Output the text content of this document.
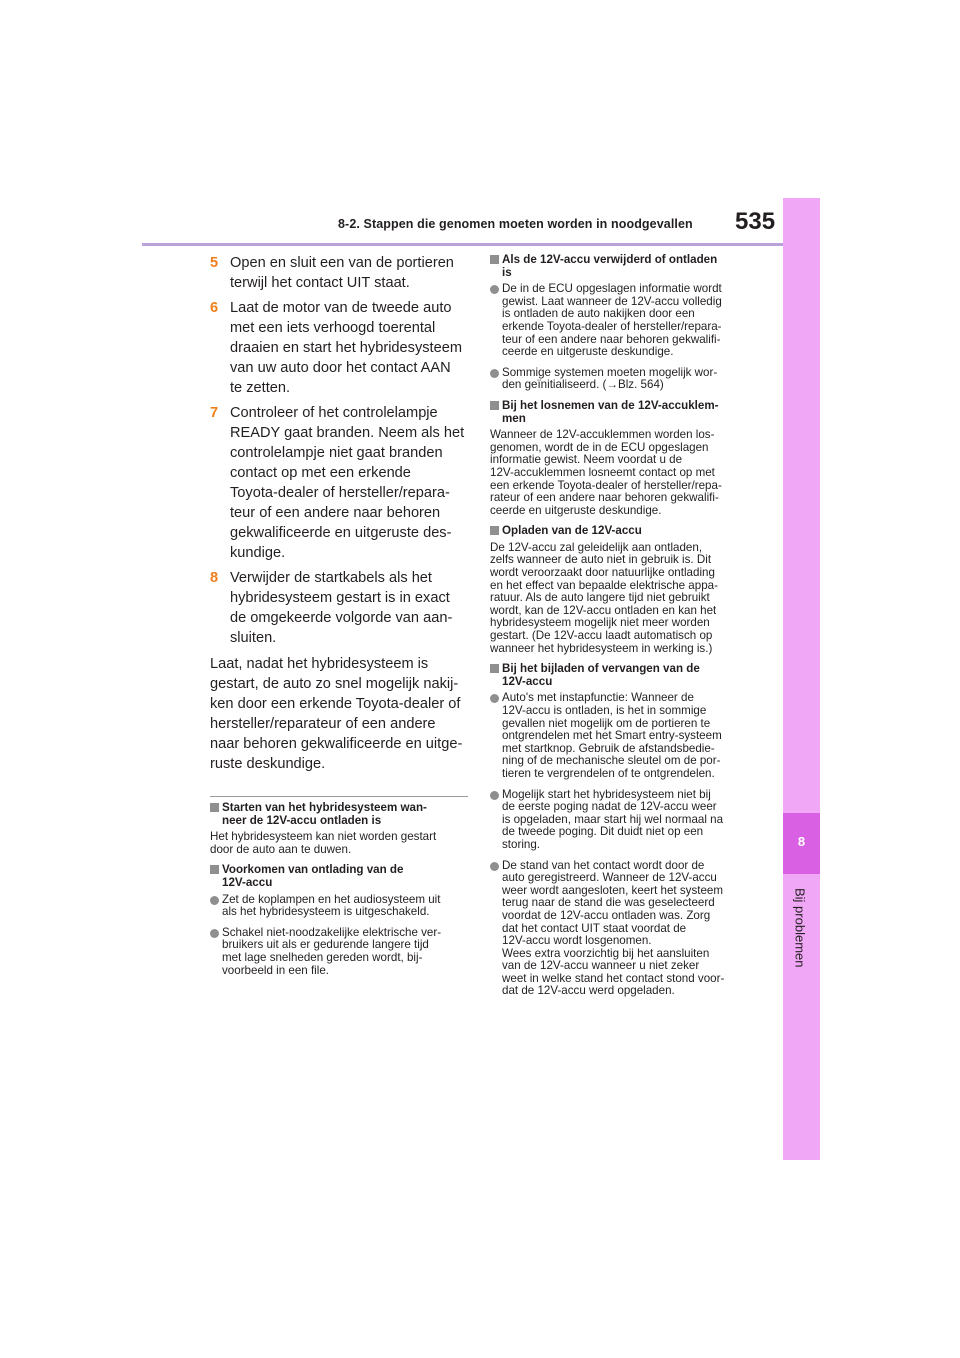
8-2. Stappen die genomen moeten worden in noodgevallen 535
8
Bij problemen
5 Open en sluit een van de portieren
terwijl het contact UIT staat.
6 Laat de motor van de tweede auto
met een iets verhoogd toerental
draaien en start het hybridesysteem
van uw auto door het contact AAN
te zetten.
7 Controleer of het controlelampje
READY gaat branden. Neem als het
controlelampje niet gaat branden
contact op met een erkende
Toyota-dealer of hersteller/repara-
teur of een andere naar behoren
gekwalificeerde en uitgeruste des-
kundige.
8 Verwijder de startkabels als het
hybridesysteem gestart is in exact
de omgekeerde volgorde van aan-
sluiten.
Laat, nadat het hybridesysteem is
gestart, de auto zo snel mogelijk nakij-
ken door een erkende Toyota-dealer of
hersteller/reparateur of een andere
naar behoren gekwalificeerde en uitge-
ruste deskundige.
Starten van het hybridesysteem wan-
neer de 12V-accu ontladen is
Het hybridesysteem kan niet worden gestart
door de auto aan te duwen.
Voorkomen van ontlading van de
12V-accu
Zet de koplampen en het audiosysteem uit
als het hybridesysteem is uitgeschakeld.
Schakel niet-noodzakelijke elektrische ver-
bruikers uit als er gedurende langere tijd
met lage snelheden gereden wordt, bij-
voorbeeld in een file.
Als de 12V-accu verwijderd of ontladen
is
De in de ECU opgeslagen informatie wordt
gewist. Laat wanneer de 12V-accu volledig
is ontladen de auto nakijken door een
erkende Toyota-dealer of hersteller/repara-
teur of een andere naar behoren gekwalifi-
ceerde en uitgeruste deskundige.
Sommige systemen moeten mogelijk wor-
den geïnitialiseerd. (→Blz. 564)
Bij het losnemen van de 12V-accuklem-
men
Wanneer de 12V-accuklemmen worden los-
genomen, wordt de in de ECU opgeslagen
informatie gewist. Neem voordat u de
12V-accuklemmen losneemt contact op met
een erkende Toyota-dealer of hersteller/repa-
rateur of een andere naar behoren gekwalifi-
ceerde en uitgeruste deskundige.
Opladen van de 12V-accu
De 12V-accu zal geleidelijk aan ontladen,
zelfs wanneer de auto niet in gebruik is. Dit
wordt veroorzaakt door natuurlijke ontlading
en het effect van bepaalde elektrische appa-
ratuur. Als de auto langere tijd niet gebruikt
wordt, kan de 12V-accu ontladen en kan het
hybridesysteem mogelijk niet meer worden
gestart. (De 12V-accu laadt automatisch op
wanneer het hybridesysteem in werking is.)
Bij het bijladen of vervangen van de
12V-accu
Auto's met instapfunctie: Wanneer de
12V-accu is ontladen, is het in sommige
gevallen niet mogelijk om de portieren te
ontgrendelen met het Smart entry-systeem
met startknop. Gebruik de afstandsbedie-
ning of de mechanische sleutel om de por-
tieren te vergrendelen of te ontgrendelen.
Mogelijk start het hybridesysteem niet bij
de eerste poging nadat de 12V-accu weer
is opgeladen, maar start hij wel normaal na
de tweede poging. Dit duidt niet op een
storing.
De stand van het contact wordt door de
auto geregistreerd. Wanneer de 12V-accu
weer wordt aangesloten, keert het systeem
terug naar de stand die was geselecteerd
voordat de 12V-accu ontladen was. Zorg
dat het contact UIT staat voordat de
12V-accu wordt losgenomen.
Wees extra voorzichtig bij het aansluiten
van de 12V-accu wanneer u niet zeker
weet in welke stand het contact stond voor-
dat de 12V-accu werd opgeladen.
